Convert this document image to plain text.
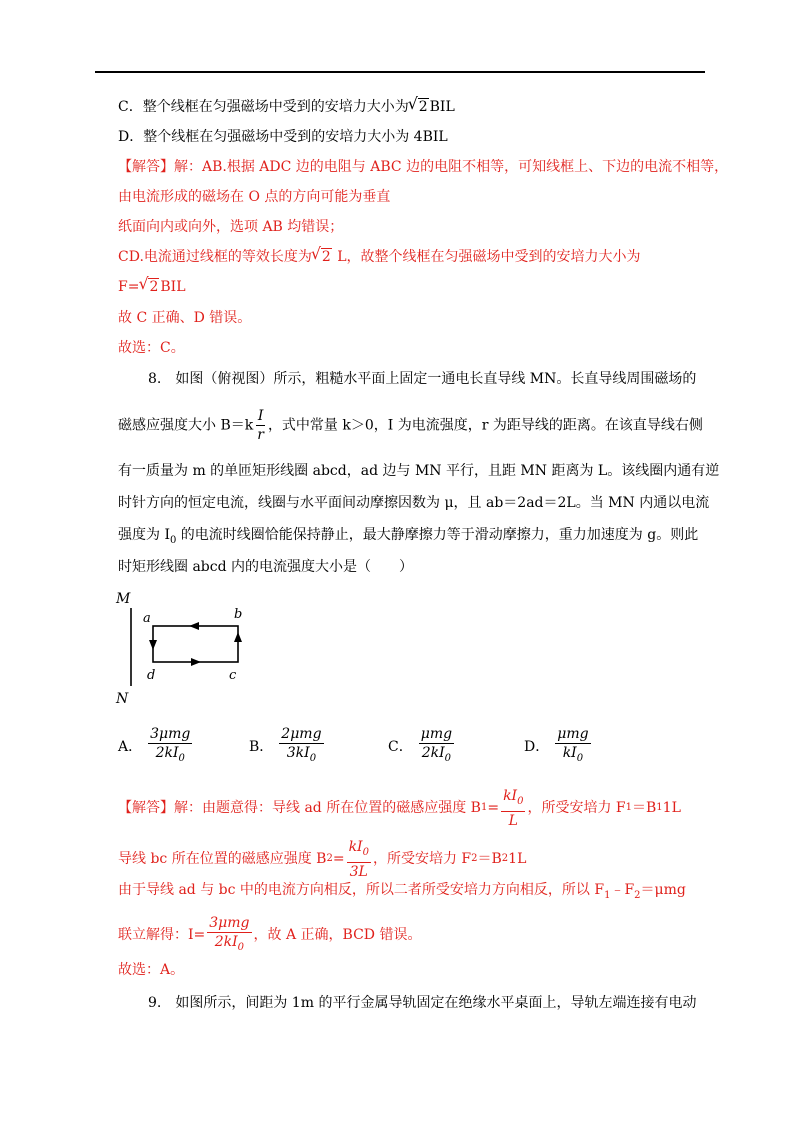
C．整个线框在匀强磁场中受到的安培力大小为 √ 2 BIL
D．整个线框在匀强磁场中受到的安培力大小为 4BIL
【解答】解：AB.根据 ADC 边的电阻与 ABC 边的电阻不相等，可知线框上、下边的电流不相等，
由电流形成的磁场在 O 点的方向可能为垂直
纸面向内或向外，选项 AB 均错误；
CD.电流通过线框的等效长度为 √ 2 L，故整个线框在匀强磁场中受到的安培力大小为
F= √ 2 BIL
故 C 正确、D 错误。
故选：C。
8.　如图（俯视图）所示，粗糙水平面上固定一通电长直导线 MN。长直导线周围磁场的
磁感应强度大小 $B=k \frac{I}{r}$ ，式中常量 k＞0，I 为电流强度，r 为距导线的距离。在该直导线右侧
有一质量为 m 的单匝矩形线圈 abcd，ad 边与 MN 平行，且距 MN 距离为 L。该线圈内通有逆
时针方向的恒定电流，线圈与水平面间动摩擦因数为 μ，且 ab＝2ad＝2L。当 MN 内通以电流
强度为 $I_0$ 的电流时线圈恰能保持静止，最大静摩擦力等于滑动摩擦力，重力加速度为 g。则此
时矩形线圈 abcd 内的电流强度大小是（　　）
M
N
a	b
d	c
A． $\frac{\text{3μmg}}{2kI_0}$	B． $\frac{\text{2μmg}}{3kI_0}$	C． $\frac{\text{μmg}}{2kI_0}$	D． $\frac{\text{μmg}}{kI_0}$
【解答】 解：由题意得：导线 ad 所在位置的磁感应强度 B $1 = \frac{kI_0}{L}$ ，所受安培力 F 1 ＝B 1 1L
导线 bc 所在位置的磁感应强度 B $2 = \frac{kI_0}{3L}$ ，所受安培力 F 2 ＝B 2 1L
由于导线 ad 与 bc 中的电流方向相反，所以二者所受安培力方向相反，所以 $F_1﹣F_2=\mu mg$
联立解得：$I= \frac{\text{3μmg}}{2kI_0}$ ，故 A 正确，BCD 错误。
故选：A。
9.　如图所示，间距为 1m 的平行金属导轨固定在绝缘水平桌面上，导轨左端连接有电动
